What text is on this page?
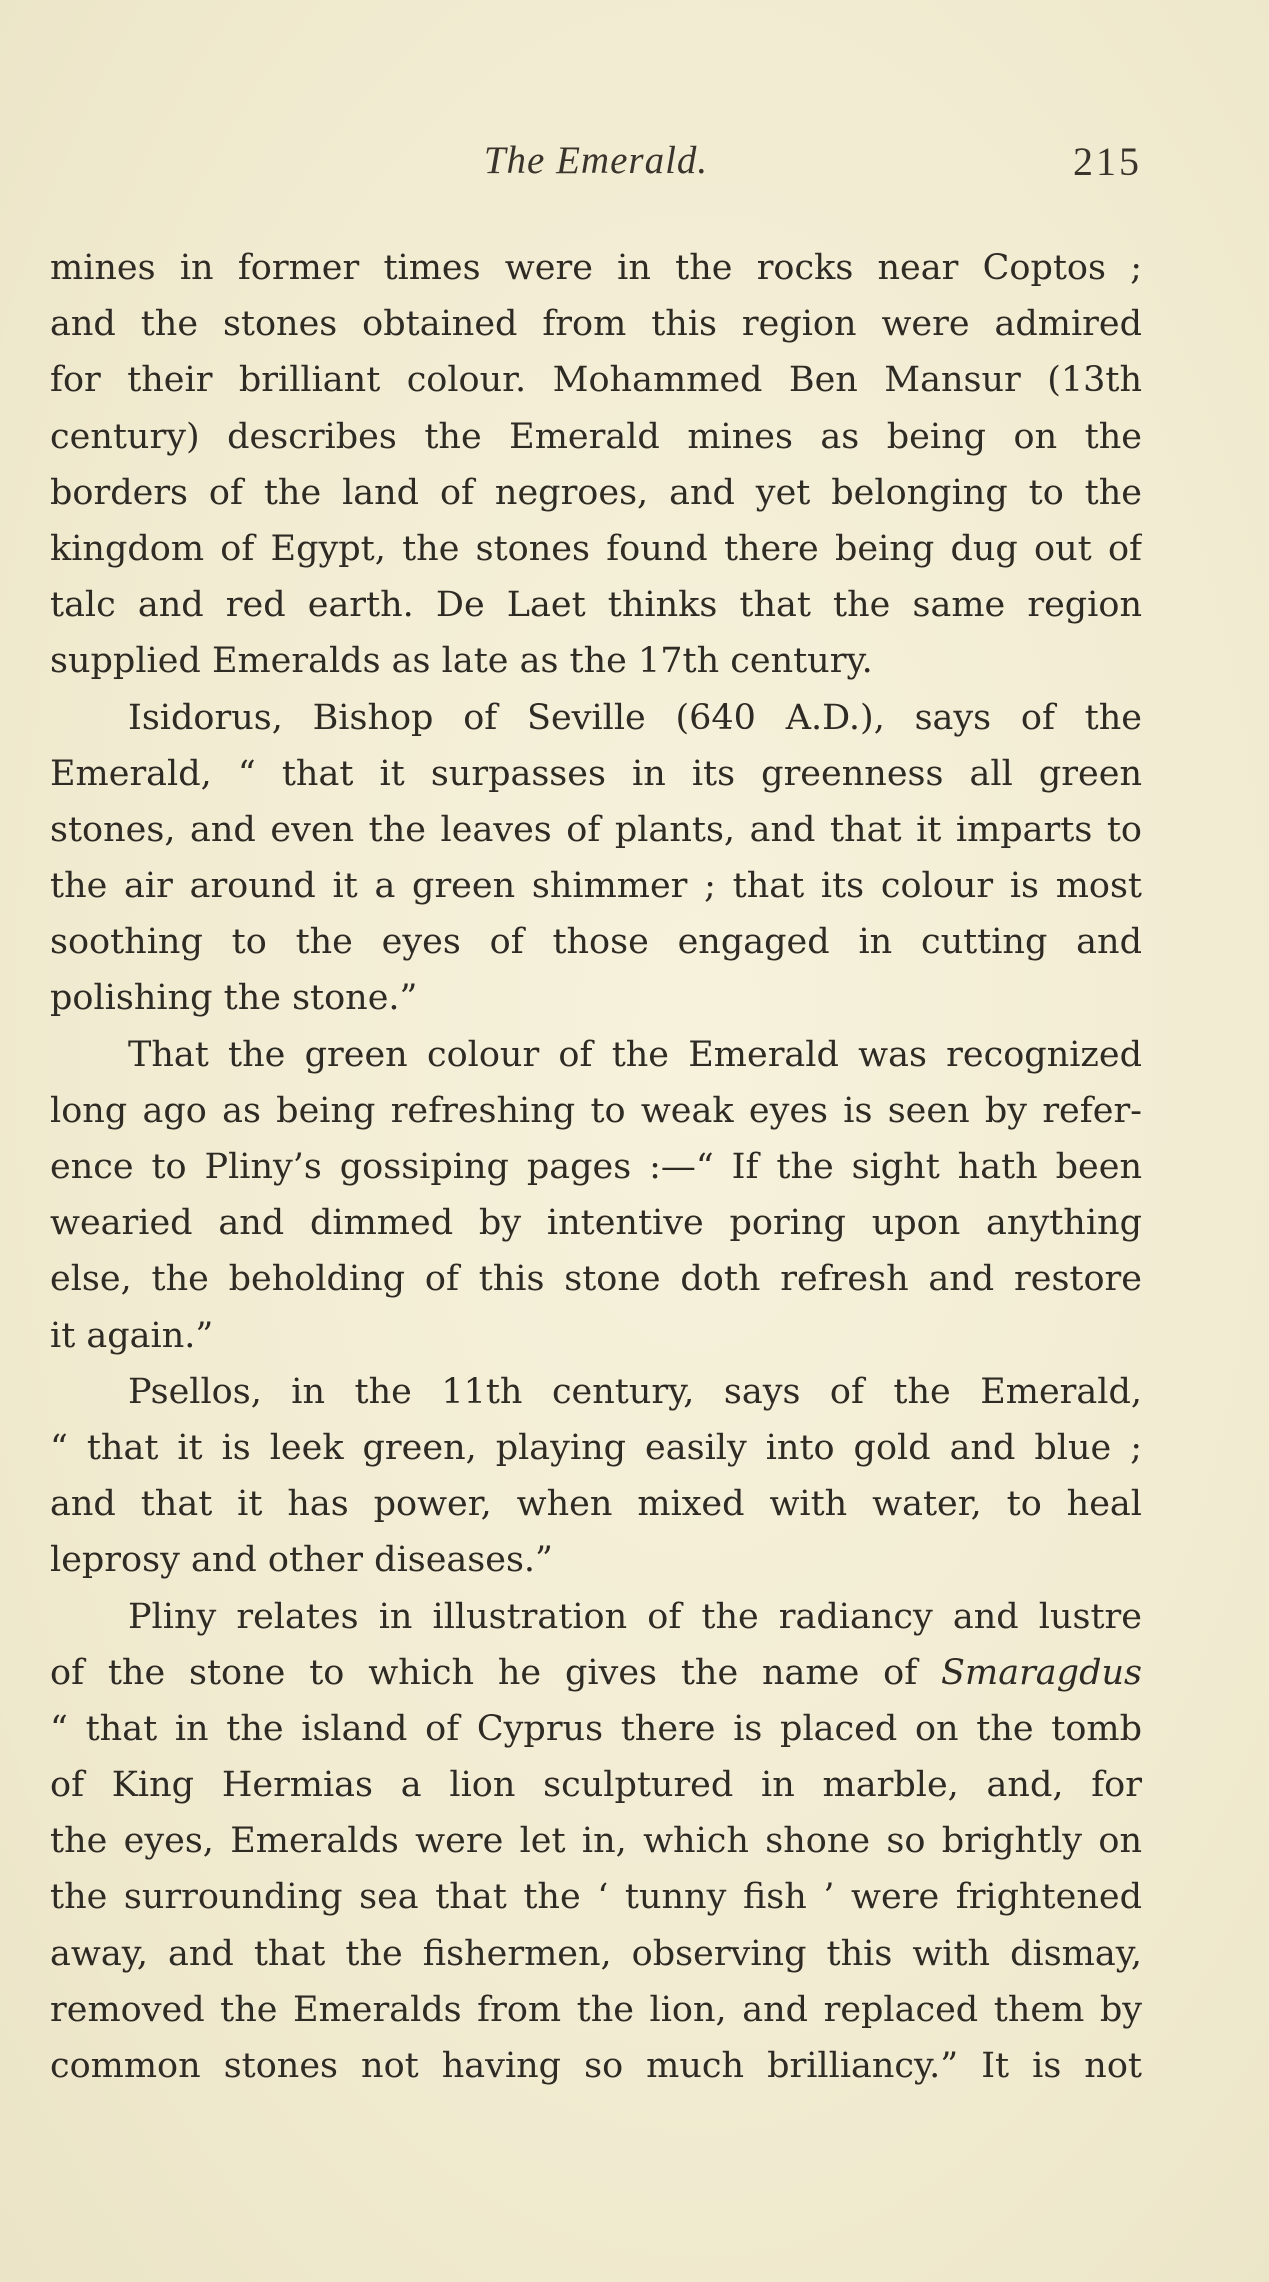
The Emerald.	215
mines in former times were in the rocks near Coptos ;
and the stones obtained from this region were admired
for their brilliant colour. Mohammed Ben Mansur (13th
century) describes the Emerald mines as being on the
borders of the land of negroes, and yet belonging to the
kingdom of Egypt, the stones found there being dug out of
talc and red earth. De Laet thinks that the same region
supplied Emeralds as late as the 17th century.
Isidorus, Bishop of Seville (640 A.D.), says of the
Emerald, “ that it surpasses in its greenness all green
stones, and even the leaves of plants, and that it imparts to
the air around it a green shimmer ; that its colour is most
soothing to the eyes of those engaged in cutting and
polishing the stone.”
That the green colour of the Emerald was recognized
long ago as being refreshing to weak eyes is seen by refer-
ence to Pliny’s gossiping pages :—“ If the sight hath been
wearied and dimmed by intentive poring upon anything
else, the beholding of this stone doth refresh and restore
it again.”
Psellos, in the 11th century, says of the Emerald,
“ that it is leek green, playing easily into gold and blue ;
and that it has power, when mixed with water, to heal
leprosy and other diseases.”
Pliny relates in illustration of the radiancy and lustre
of the stone to which he gives the name of Smaragdus
“ that in the island of Cyprus there is placed on the tomb
of King Hermias a lion sculptured in marble, and, for
the eyes, Emeralds were let in, which shone so brightly on
the surrounding sea that the ‘ tunny fish ’ were frightened
away, and that the fishermen, observing this with dismay,
removed the Emeralds from the lion, and replaced them by
common stones not having so much brilliancy.” It is not
